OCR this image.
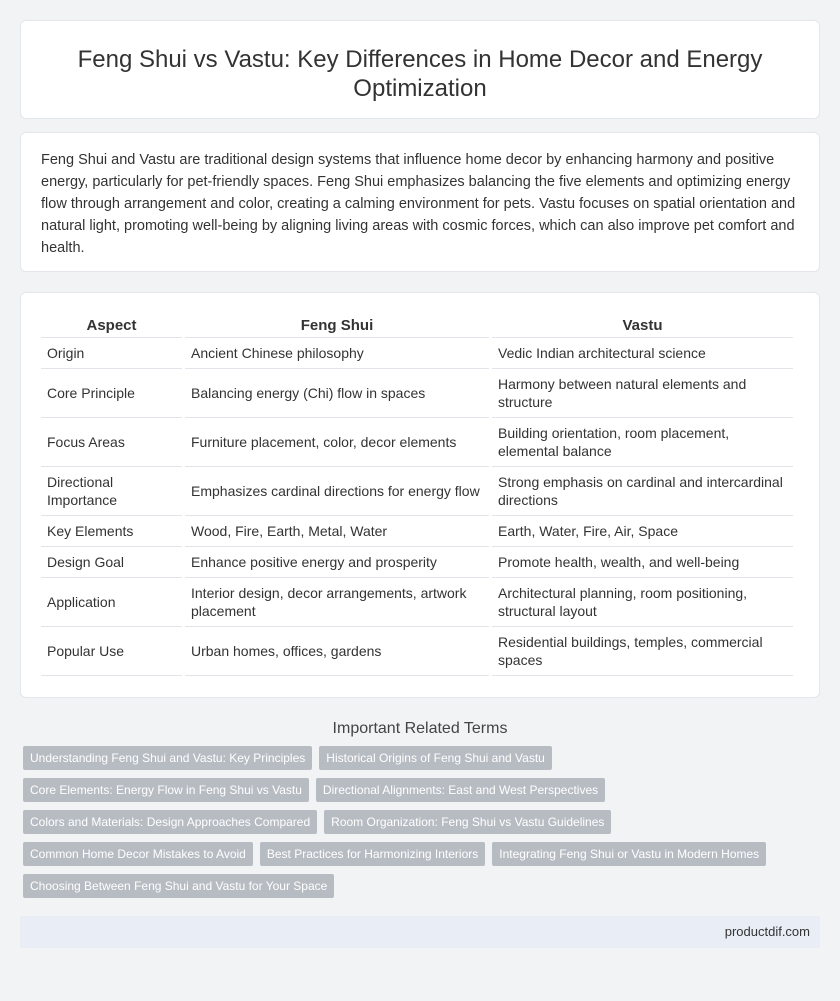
Feng Shui vs Vastu: Key Differences in Home Decor and Energy Optimization

Feng Shui and Vastu are traditional design systems that influence home decor by enhancing harmony and positive energy, particularly for pet-friendly spaces. Feng Shui emphasizes balancing the five elements and optimizing energy flow through arrangement and color, creating a calming environment for pets. Vastu focuses on spatial orientation and natural light, promoting well-being by aligning living areas with cosmic forces, which can also improve pet comfort and health.

Aspect	Feng Shui	Vastu
Origin	Ancient Chinese philosophy	Vedic Indian architectural science
Core Principle	Balancing energy (Chi) flow in spaces	Harmony between natural elements and structure
Focus Areas	Furniture placement, color, decor elements	Building orientation, room placement, elemental balance
Directional Importance	Emphasizes cardinal directions for energy flow	Strong emphasis on cardinal and intercardinal directions
Key Elements	Wood, Fire, Earth, Metal, Water	Earth, Water, Fire, Air, Space
Design Goal	Enhance positive energy and prosperity	Promote health, wealth, and well-being
Application	Interior design, decor arrangements, artwork placement	Architectural planning, room positioning, structural layout
Popular Use	Urban homes, offices, gardens	Residential buildings, temples, commercial spaces
Important Related Terms
Understanding Feng Shui and Vastu: Key Principles Historical Origins of Feng Shui and Vastu
Core Elements: Energy Flow in Feng Shui vs Vastu Directional Alignments: East and West Perspectives
Colors and Materials: Design Approaches Compared Room Organization: Feng Shui vs Vastu Guidelines
Common Home Decor Mistakes to Avoid Best Practices for Harmonizing Interiors Integrating Feng Shui or Vastu in Modern Homes
Choosing Between Feng Shui and Vastu for Your Space
productdif.com
